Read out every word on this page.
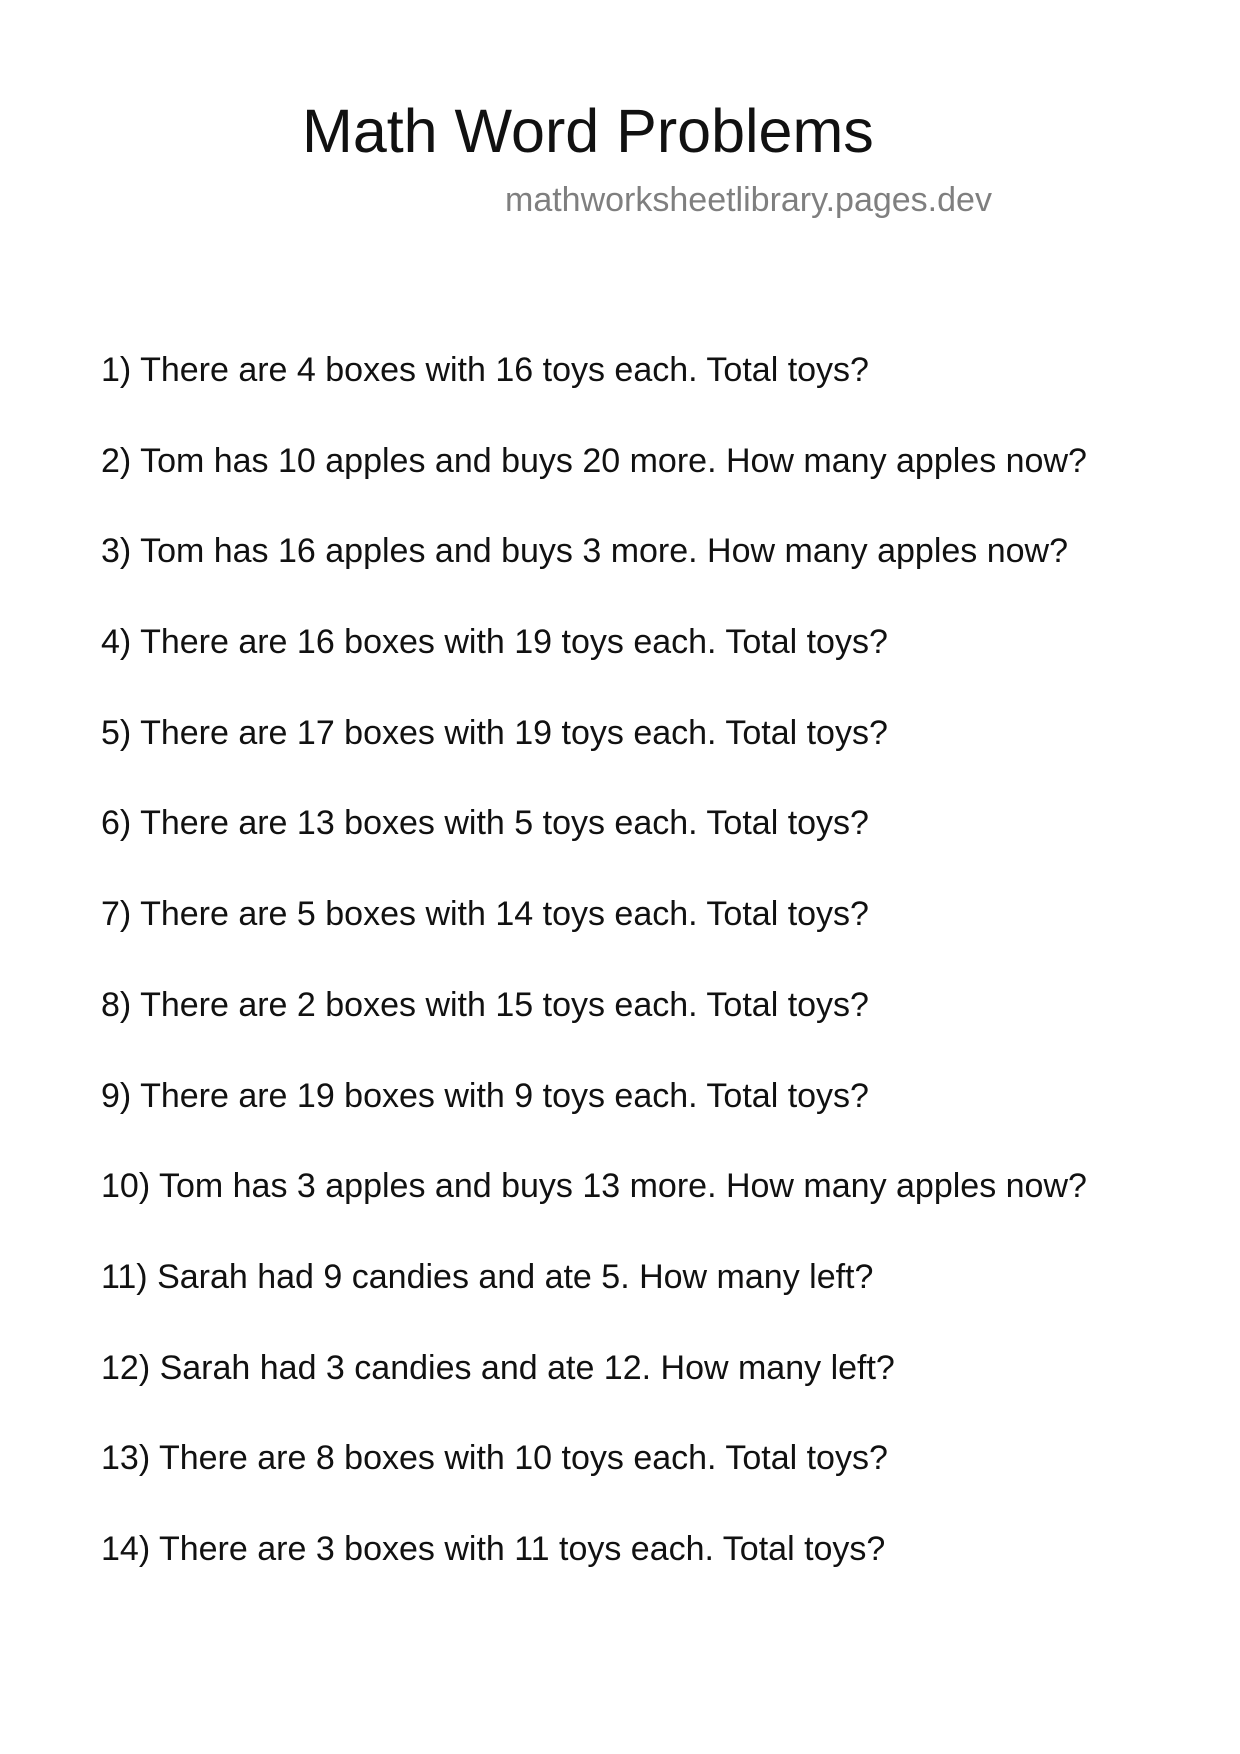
Math Word Problems
mathworksheetlibrary.pages.dev
1) There are 4 boxes with 16 toys each. Total toys?
2) Tom has 10 apples and buys 20 more. How many apples now?
3) Tom has 16 apples and buys 3 more. How many apples now?
4) There are 16 boxes with 19 toys each. Total toys?
5) There are 17 boxes with 19 toys each. Total toys?
6) There are 13 boxes with 5 toys each. Total toys?
7) There are 5 boxes with 14 toys each. Total toys?
8) There are 2 boxes with 15 toys each. Total toys?
9) There are 19 boxes with 9 toys each. Total toys?
10) Tom has 3 apples and buys 13 more. How many apples now?
11) Sarah had 9 candies and ate 5. How many left?
12) Sarah had 3 candies and ate 12. How many left?
13) There are 8 boxes with 10 toys each. Total toys?
14) There are 3 boxes with 11 toys each. Total toys?
